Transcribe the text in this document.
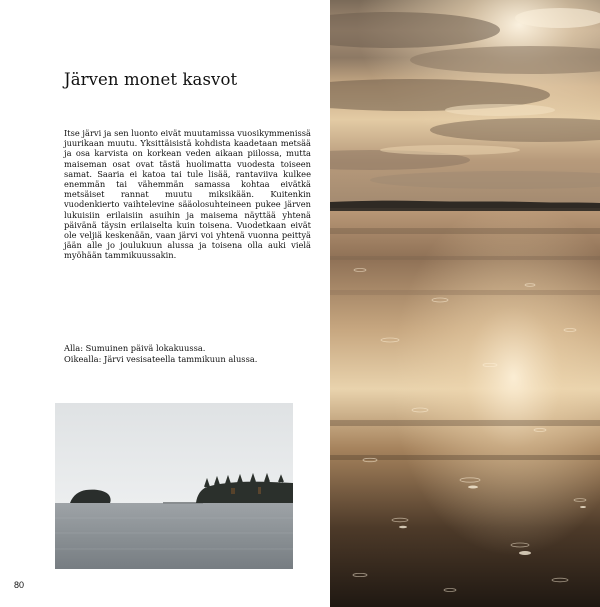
Järven monet kasvot

Itse järvi ja sen luonto eivät muutamissa vuosikymmenissä juurikaan muutu. Yksittäisistä kohdista kaadetaan metsää ja osa karvista on korkean veden aikaan piilossa, mutta maiseman osat ovat tästä huolimatta vuodesta toiseen samat. Saaria ei katoa tai tule lisää, rantaviiva kulkee enemmän tai vähemmän samassa kohtaa eivätkä metsäiset rannat muutu miksikään. Kuitenkin vuodenkierto vaihtelevine sääolosuhteineen pukee järven lukuisiin erilaisiin asuihin ja maisema näyttää yhtenä päivänä täysin erilaiselta kuin toisena. Vuodetkaan eivät ole veljiä keskenään, vaan järvi voi yhtenä vuonna peittyä jään alle jo joulukuun alussa ja toisena olla auki vielä myöhään tammikuussakin.

Alla: Sumuinen päivä lokakuussa.
Oikealla: Järvi vesisateella tammikuun alussa.
80
